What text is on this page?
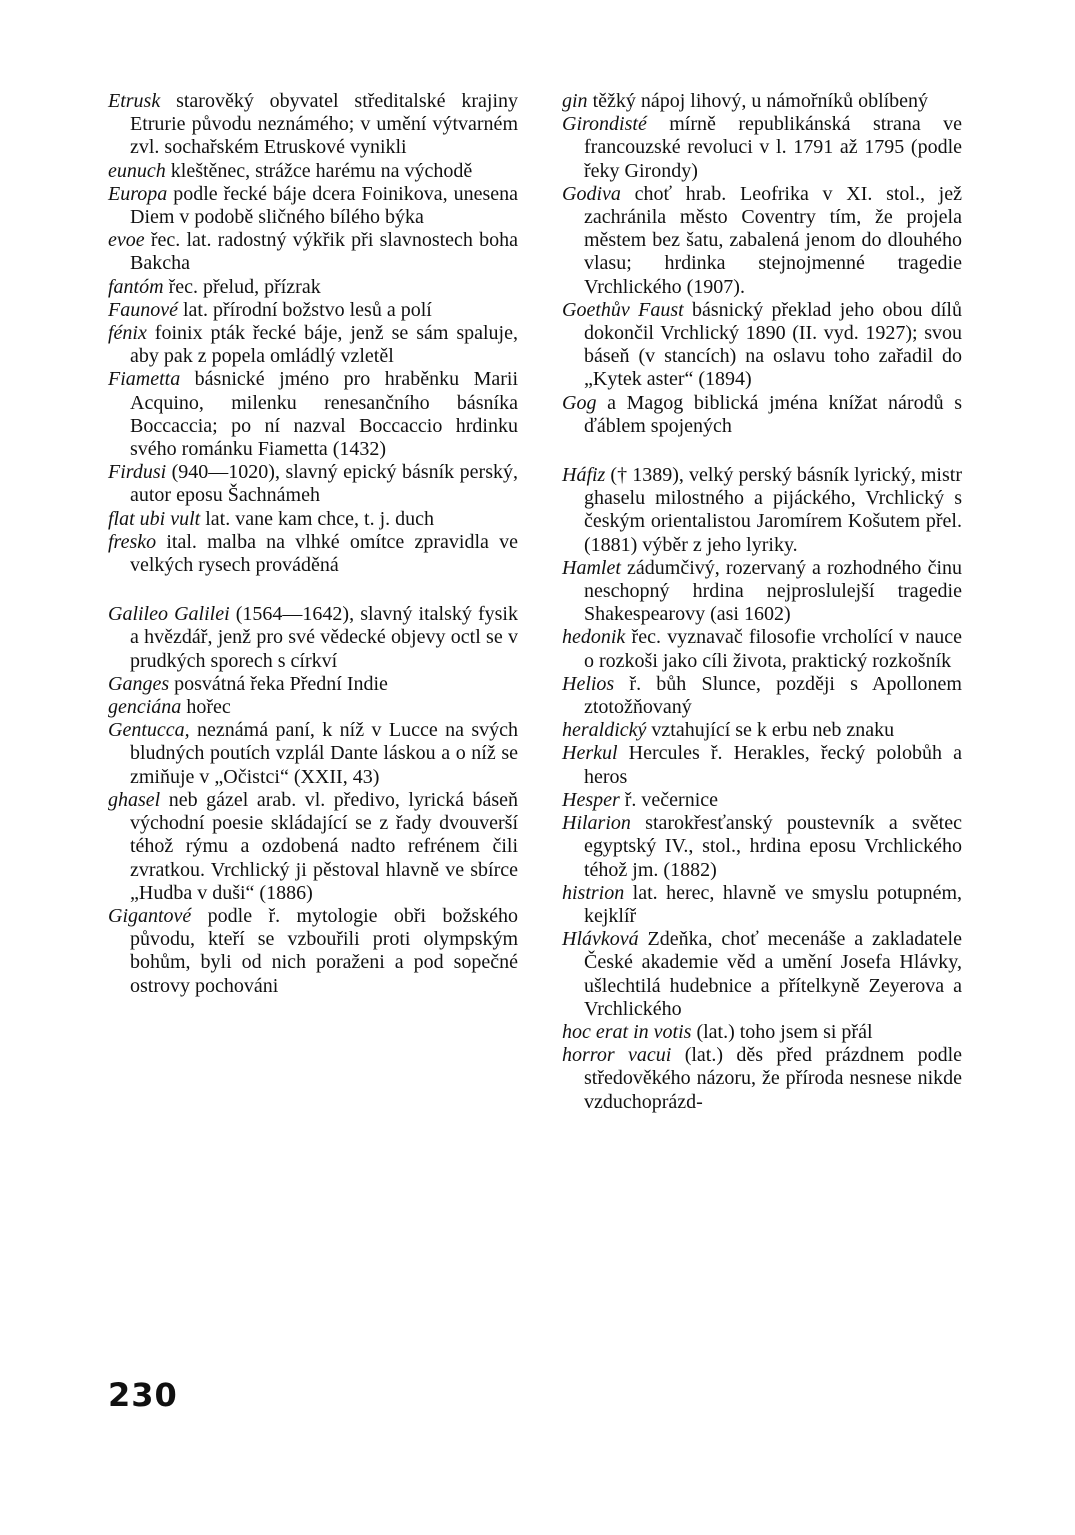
Etrusk starověký obyvatel středitalské krajiny Etrurie původu neznámého; v umění výtvarném zvl. sochařském Etruskové vynikli
eunuch kleštěnec, strážce harému na východě
Europa podle řecké báje dcera Foinikova, unesena Diem v podobě sličného bílého býka
evoe řec. lat. radostný výkřik při slavnostech boha Bakcha
fantóm řec. přelud, přízrak
Faunové lat. přírodní božstvo lesů a polí
fénix foinix pták řecké báje, jenž se sám spaluje, aby pak z popela omládlý vzletěl
Fiametta básnické jméno pro hraběnku Marii Acquino, milenku renesančního básníka Boccaccia; po ní nazval Boccaccio hrdinku svého románku Fiametta (1432)
Firdusi (940—1020), slavný epický básník perský, autor eposu Šachnámeh
flat ubi vult lat. vane kam chce, t. j. duch
fresko ital. malba na vlhké omítce zpravidla ve velkých rysech prováděná
Galileo Galilei (1564—1642), slavný italský fysik a hvězdář, jenž pro své vědecké objevy octl se v prudkých sporech s církví
Ganges posvátná řeka Přední Indie
genciána hořec
Gentucca, neznámá paní, k níž v Lucce na svých bludných poutích vzplál Dante láskou a o níž se zmiňuje v „Očistci“ (XXII, 43)
ghasel neb gázel arab. vl. předivo, lyrická báseň východní poesie skládající se z řady dvouverší téhož rýmu a ozdobená nadto refrénem čili zvratkou. Vrchlický ji pěstoval hlavně ve sbírce „Hudba v duši“ (1886)
Gigantové podle ř. mytologie obři božského původu, kteří se vzbouřili proti olympským bohům, byli od nich poraženi a pod sopečné ostrovy pochováni
gin těžký nápoj lihový, u námořníků oblíbený
Girondisté mírně republikánská strana ve francouzské revoluci v l. 1791 až 1795 (podle řeky Girondy)
Godiva choť hrab. Leofrika v XI. stol., jež zachránila město Coventry tím, že projela městem bez šatu, zabalená jenom do dlouhého vlasu; hrdinka stejnojmenné tragedie Vrchlického (1907).
Goethův Faust básnický překlad jeho obou dílů dokončil Vrchlický 1890 (II. vyd. 1927); svou báseň (v stancích) na oslavu toho zařadil do „Kytek aster“ (1894)
Gog a Magog biblická jména knížat národů s ďáblem spojených
Háfiz († 1389), velký perský básník lyrický, mistr ghaselu milostného a pijáckého, Vrchlický s českým orientalistou Jaromírem Košutem přel. (1881) výběr z jeho lyriky.
Hamlet zádumčivý, rozervaný a rozhodného činu neschopný hrdina nejproslulejší tragedie Shakespearovy (asi 1602)
hedonik řec. vyznavač filosofie vrcholící v nauce o rozkoši jako cíli života, praktický rozkošník
Helios ř. bůh Slunce, později s Apollonem ztotožňovaný
heraldický vztahující se k erbu neb znaku
Herkul Hercules ř. Herakles, řecký polobůh a heros
Hesper ř. večernice
Hilarion starokřesťanský poustevník a světec egyptský IV., stol., hrdina eposu Vrchlického téhož jm. (1882)
histrion lat. herec, hlavně ve smyslu potupném, kejklíř
Hlávková Zdeňka, choť mecenáše a zakladatele České akademie věd a umění Josefa Hlávky, ušlechtilá hudebnice a přítelkyně Zeyerova a Vrchlického
hoc erat in votis (lat.) toho jsem si přál
horror vacui (lat.) děs před prázdnem podle středověkého názoru, že příroda nesnese nikde vzduchoprázd-
230
